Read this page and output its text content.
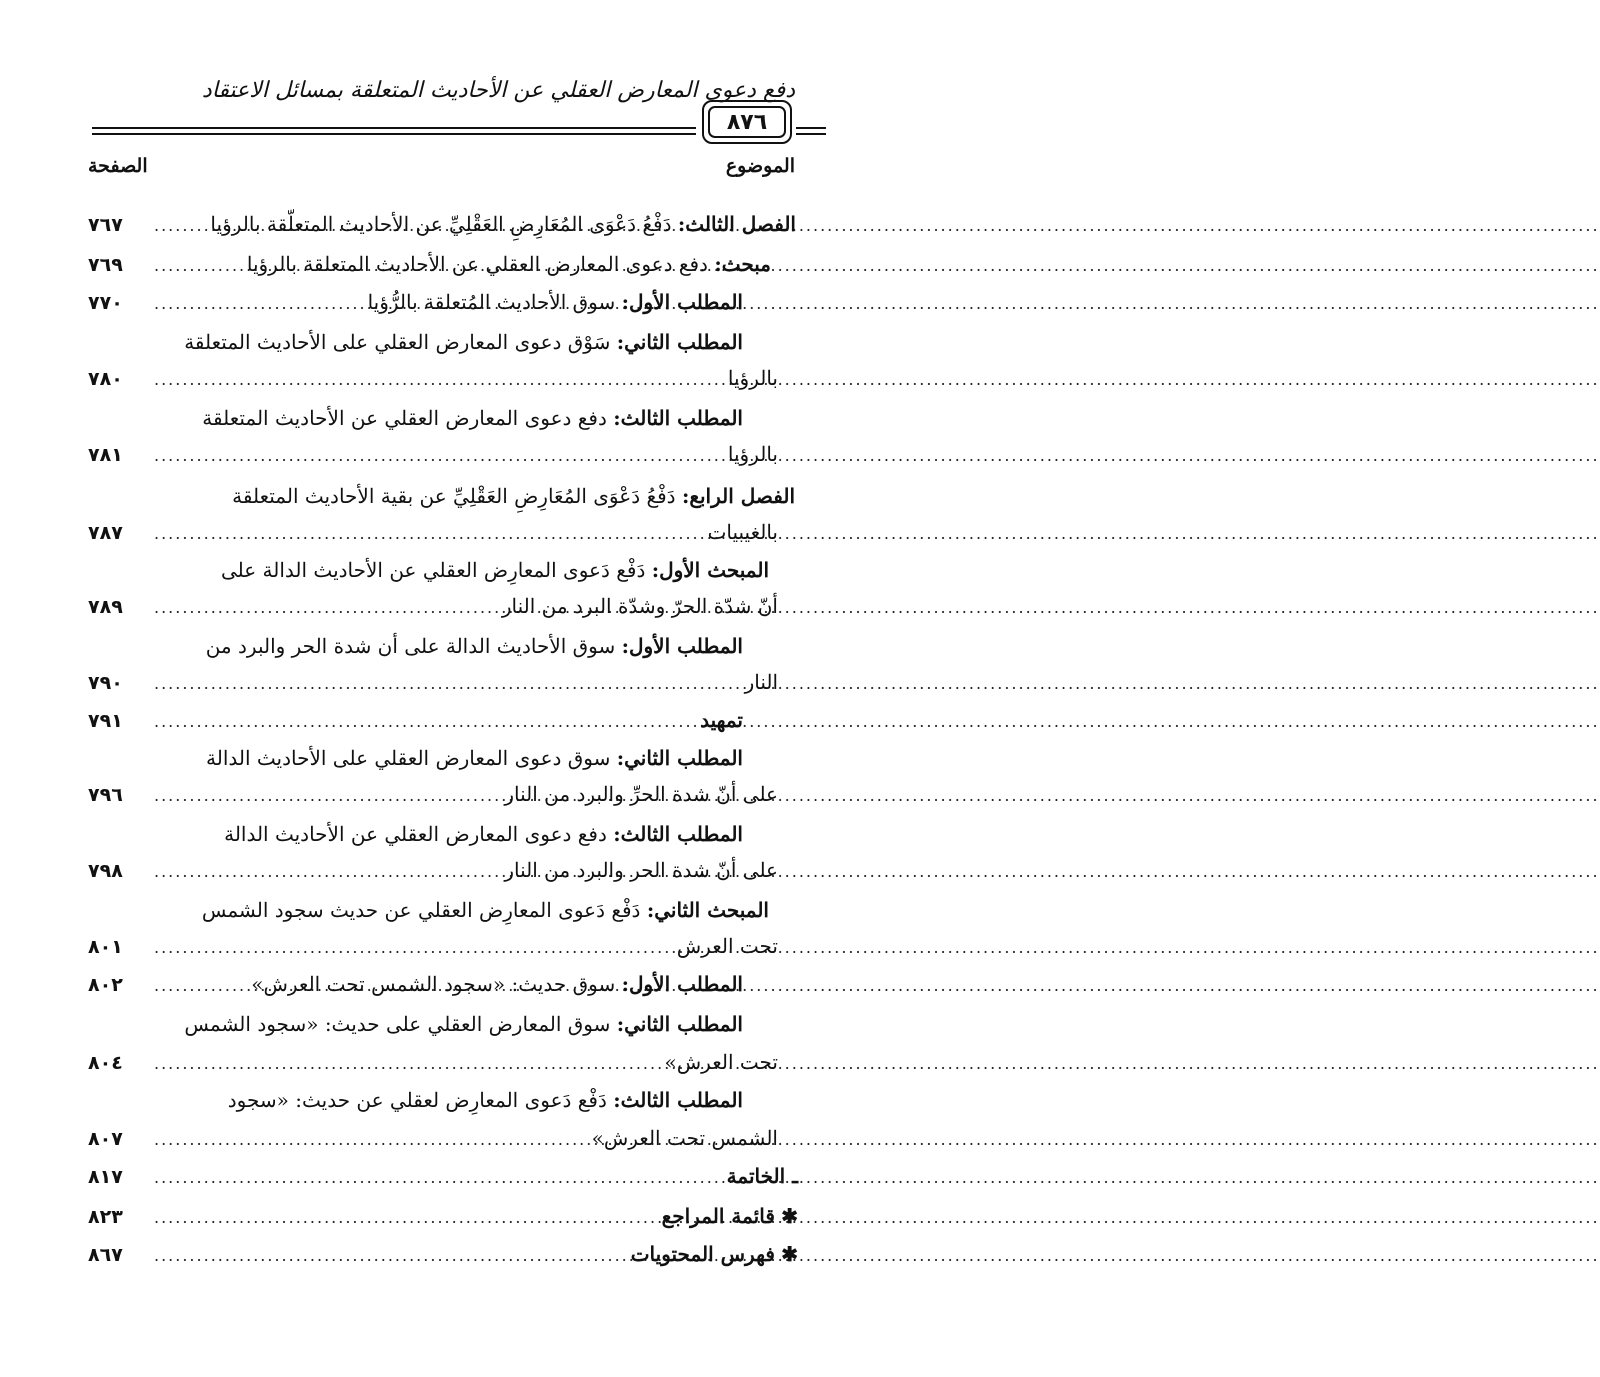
دفع دعوى المعارض العقلي عن الأحاديث المتعلقة بمسائل الاعتقاد
٨٧٦
الصفحة	الموضوع
٧٦٧ .....	الفصل الثالث: دَفْعُ دَعْوَى المُعَارِضِ العَقْلِيِّ عن الأحاديث المتعلّقة بالرؤيا
٧٦٩ .....	مبحث: دفع دعوى المعارض العقلي عن الأحاديث المتعلقة بالرؤيا
٧٧٠ .....	المطلب الأول: سوق الأحاديث المُتعلقة بالرُّؤيا
المطلب الثاني: سَوْق دعوى المعارض العقلي على الأحاديث المتعلقة
٧٨٠ .....	بالرؤيا
المطلب الثالث: دفع دعوى المعارض العقلي عن الأحاديث المتعلقة
٧٨١ .....	بالرؤيا
الفصل الرابع: دَفْعُ دَعْوَى المُعَارِضِ العَقْلِيِّ عن بقية الأحاديث المتعلقة
٧٨٧ .....	بالغيبيات
المبحث الأول: دَفْع دَعوى المعارِض العقلي عن الأحاديث الدالة على
٧٨٩ .....	أنّ شدّة الحرّ وشدّة البرد من النار
المطلب الأول: سوق الأحاديث الدالة على أن شدة الحر والبرد من
٧٩٠ .....	النار
٧٩١ .....	تمهيد
المطلب الثاني: سوق دعوى المعارض العقلي على الأحاديث الدالة
٧٩٦ .....	على أنّ شدة الحرِّ والبرد من النار
المطلب الثالث: دفع دعوى المعارض العقلي عن الأحاديث الدالة
٧٩٨ .....	على أنّ شدة الحر والبرد من النار
المبحث الثاني: دَفْع دَعوى المعارِض العقلي عن حديث سجود الشمس
٨٠١ .....	تحت العرش
٨٠٢ .....	المطلب الأول: سوق حديث: «سجود الشمس تحت العرش»
المطلب الثاني: سوق المعارض العقلي على حديث: «سجود الشمس
٨٠٤ .....	تحت العرش»
المطلب الثالث: دَفْع دَعوى المعارِض لعقلي عن حديث: «سجود
٨٠٧ .....	الشمس تحت العرش»
٨١٧ .....	ـ الخاتمة
٨٢٣ .....	✱ قائمة المراجع
٨٦٧ .....	✱ فهرس المحتويات
